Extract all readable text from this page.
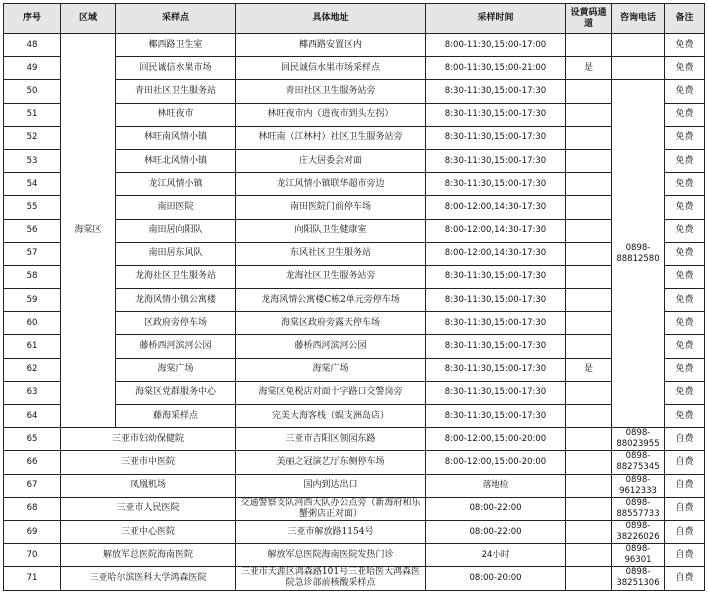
序号	区域	采样点	具体地址	采样时间	设黄码通道	咨询电话	备注
48	海棠区	椰西路卫生室	椰西路安置区内	8:00-11:30,15:00-17:00			免费
49		回民诚信水果市场	回民诚信水果市场采样点	8:00-11:30,15:00-21:00	是		免费
50		青田社区卫生服务站	青田社区卫生服务站旁	8:30-11:30,15:00-17:30		0898-88812580	免费
51		林旺夜市	林旺夜市内（进夜市到头左拐）	8:30-11:30,15:00-17:30			免费
52		林旺南风情小镇	林旺南（江林村）社区卫生服务站旁	8:30-11:30,15:00-17:30			免费
53		林旺北风情小镇	庄大居委会对面	8:30-11:30,15:00-17:30			免费
54		龙江风情小镇	龙江风情小镇联华超市旁边	8:30-11:30,15:00-17:30			免费
55		南田医院	南田医院门前停车场	8:00-12:00,14:30-17:30			免费
56		南田居向阳队	向阳队卫生健康室	8:00-12:00,14:30-17:30			免费
57		南田居东风队	东风社区卫生服务站	8:00-12:00,14:30-17:30			免费
58		龙海社区卫生服务站	龙海社区卫生服务站旁	8:30-11:30,15:00-17:30			免费
59		龙海风情小镇公寓楼	龙海风情公寓楼C栋2单元旁停车场	8:30-11:30,15:00-17:30			免费
60		区政府旁停车场	海棠区政府旁露天停车场	8:30-11:30,15:00-17:30			免费
61		藤桥西河滨河公园	藤桥西河滨河公园	8:30-11:30,15:00-17:30			免费
62		海棠广场	海棠广场	8:30-11:30,15:00-17:30	是		免费
63		海棠区党群服务中心	海棠区免税店对面十字路口交警岗旁	8:30-11:30,15:00-17:30			免费
64		藤海采样点	完美大海客栈（蜈支洲岛店）	8:30-11:30,15:00-17:30			免费
65	三亚市妇幼保健院		三亚市吉阳区领园东路	8:00-12:00,15:00-20:00		0898-88023955	自费
66	三亚市中医院		美丽之冠演艺厅东侧停车场	8:00-12:00,15:00-20:00		0898-88275345	自费
67	凤凰机场		国内到达出口	落地检		0898-9612333	自费
68	三亚市人民医院		交通警察支队河西大队办公点旁（新海府和乐蟹粥店正对面）	08:00-22:00		0898-88557733	自费
69	三亚中心医院		三亚市解放路1154号	08:00-22:00		0898-38226026	自费
70	解放军总医院海南医院		解放军总医院海南医院发热门诊	24小时		0898-96301	自费
71	三亚哈尔滨医科大学鸿森医院		三亚市天涯区鸿森路101号三亚哈医大鸿森医院急诊部前核酸采样点	08:00-20:00		0898-38251306	自费
